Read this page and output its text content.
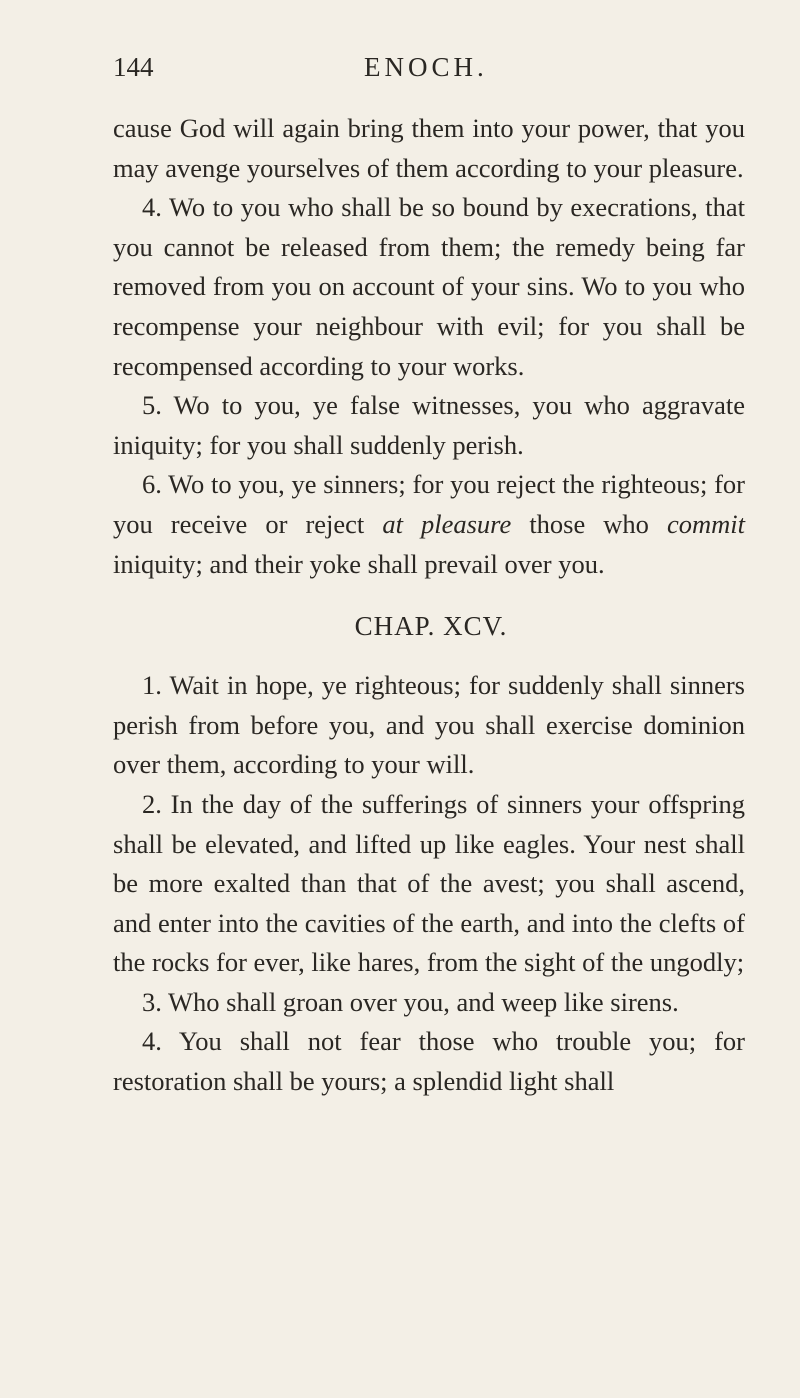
144	ENOCH.

cause God will again bring them into your power, that you may avenge yourselves of them according to your pleasure.

4. Wo to you who shall be so bound by execrations, that you cannot be released from them; the remedy being far removed from you on account of your sins. Wo to you who recompense your neighbour with evil; for you shall be recompensed according to your works.

5. Wo to you, ye false witnesses, you who aggravate iniquity; for you shall suddenly perish.

6. Wo to you, ye sinners; for you reject the righteous; for you receive or reject at pleasure those who commit iniquity; and their yoke shall prevail over you.

CHAP. XCV.

1. Wait in hope, ye righteous; for suddenly shall sinners perish from before you, and you shall exercise dominion over them, according to your will.

2. In the day of the sufferings of sinners your offspring shall be elevated, and lifted up like eagles. Your nest shall be more exalted than that of the avest; you shall ascend, and enter into the cavities of the earth, and into the clefts of the rocks for ever, like hares, from the sight of the ungodly;

3. Who shall groan over you, and weep like sirens.

4. You shall not fear those who trouble you; for restoration shall be yours; a splendid light shall
